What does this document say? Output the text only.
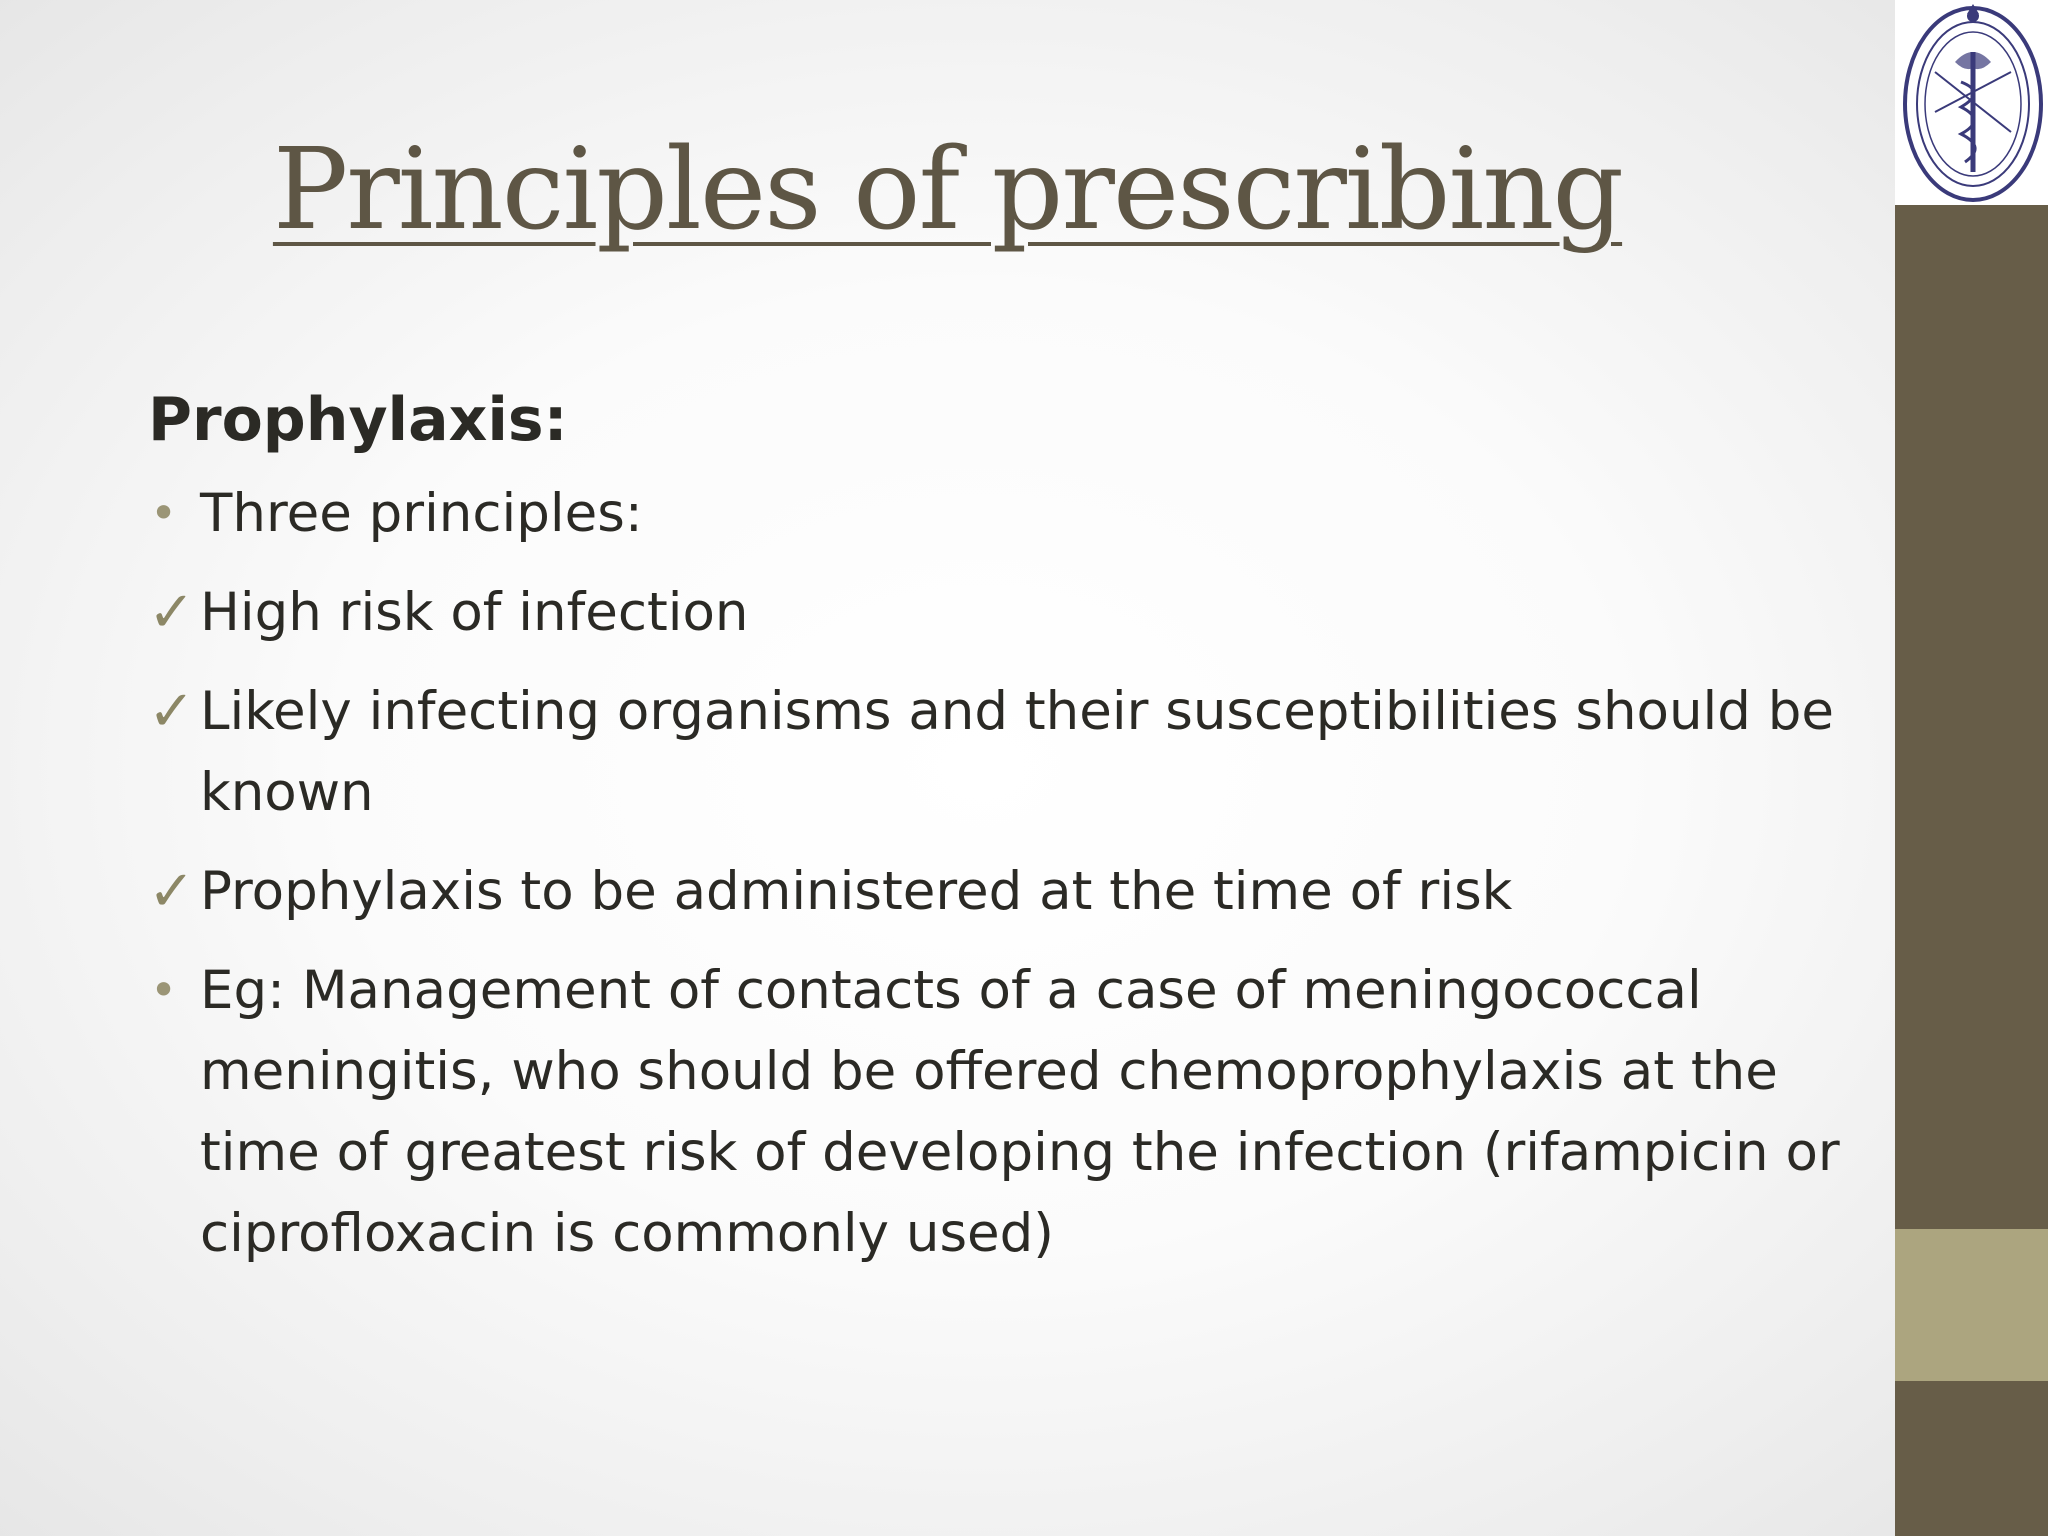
Principles of prescribing
Prophylaxis:
• Three principles:
✓ High risk of infection
✓ Likely infecting organisms and their susceptibilities should be known
✓ Prophylaxis to be administered at the time of risk
• Eg: Management of contacts of a case of meningococcal meningitis, who should be offered chemoprophylaxis at the time of greatest risk of developing the infection (rifampicin or ciprofloxacin is commonly used)
